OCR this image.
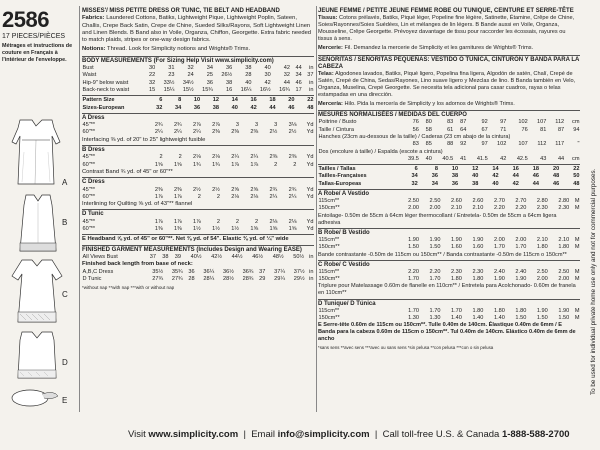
2586
17 PIECES/PIÈCES
Métrages et instructions de couture en Français à l'intérieur de l'enveloppe.
A
B
C
D
E
MISSES'/ MISS PETITE DRESS OR TUNIC, TIE BELT AND HEADBAND
Fabrics: Laundered Cottons, Batiks, Lightweight Pique, Lightweight Poplin, Sateen, Challis, Crepe Back Satin, Crepe de Chine, Sueded Silks/Rayons, Soft Lightweight Linen and Linen Blends. B Band also in Voile, Organza, Chiffon, Georgette. Extra fabric needed to match plaids, stripes or one-way design fabrics.
Notions: Thread. Look for Simplicity notions and Wrights® Trims.
BODY MEASUREMENTS (For Sizing Help Visit www.simplicity.com)
Bust	30	31	32	34	36	38	40	42	44	in
Waist	22	23	24	25	26½	28	30	32	34	37
Hip-9" below waist	32	33½	34½	36	38	40	42	44	46	in
Back-neck to waist	15	15¼	15½	15¾	16	16¼	16½	16¾	17	in
Pattern Size	6	8	10	12	14	16	18	20	22
Sizes-European	32	34	36	38	40	42	44	46	48
A Dress
45"**	2¾	2¾	2⅞	2⅞	3	3	3	3⅛	Yd
60"**	2¼	2¼	2¼	2⅜	2⅜	2⅜	2½	2½	Yd
Interfacing ⅜ yd. of 20" to 25" lightweight fusible
B Dress
45"**	2	2	2⅛	2⅛	2¼	2¼	2⅜	2⅜	Yd
60"**	1⅝	1⅝	1¾	1¾	1⅞	1⅞	2	2	Yd
Contrast Band ¾ yd. of 45" or 60"**
C Dress
45"**	2⅜	2⅜	2½	2½	2⅝	2⅝	2¾	2¾	Yd
60"**	1⅞	1⅞	2	2	2⅛	2⅛	2¼	2¼	Yd
Interlining for Quilting ⅝ yd. of 43"** flannel
D Tunic
45"**	1⅞	1⅞	1⅞	2	2	2	2⅛	2⅛	Yd
60"**	1⅜	1⅜	1½	1½	1½	1⅝	1⅝	1⅝	Yd
E Headband ⅝ yd. of 45" or 60"**. Net ⅜ yd. of 54". Elastic ⅜ yd. of ¼" wide
FINISHED GARMENT MEASUREMENTS (Includes Design and Wearing EASE)
All Views Bust	37	38	39	40½	42½	44½	46½	48½	50½	in
Finished back length from base of neck:
A,B,C Dress	35½	35¾	36	36¼	36½	36¾	37	37¼	37½	in
D Tunic	27¾	27¾	28	28¼	28½	28¾	29	29¼	29½	in
*without nap **with nap ***with or without nap
JEUNE FEMME / PETITE JEUNE FEMME ROBE OU TUNIQUE, CEINTURE ET SERRE-TÊTE
Tissus: Cotons prélavés, Batiks, Piqué léger, Popeline fine légère, Satinette, Étamine, Crêpe de Chine, Soies/Rayonnes/Soies Suédées, Lin et mélanges de lin légers. B Bande aussi en Voile, Organza, Mousseline, Crêpe Georgette. Prévoyez davantage de tissu pour raccorder les écossais, rayures ou tissus à sens.
Mercerie: Fil. Demandez la mercerie de Simplicity et les garnitures de Wrights® Trims.
SEÑORITAS / SEÑORITAS PEQUEÑAS: VESTIDO O TÚNICA, CINTURÓN Y BANDA PARA LA CABEZA
Telas: Algodones lavados, Batiks, Piqué ligero, Popelina fina ligera, Algodón de satén, Chalí, Crepé de Satén, Crepé de China, Sedas/Rayones, Lino suave ligero y Mezclas de lino. B Banda también en Velo, Organza, Muselina, Crepé Georgette. Se necesita tela adicional para casar cuadros, rayas o telas estampadas en una dirección.
Mercería: Hilo. Pida la mercería de Simplicity y los adornos de Wrights® Trims.
MESURES NORMALISÉES / MEDIDAS DEL CUERPO
Poitrine / Busto	76	80	83	87	92	97	102	107	112	cm
Taille / Cintura	56	58	61	64	67	71	76	81	87	94
Hanches (23cm au-dessous de la taille) / Caderas (23 cm abajo de la cintura)										
	83	85	88	92	97	102	107	112	117	"
Dos (encolure à taille) / Espalda (escote a cintura)										
	39.5	40	40.5	41	41.5	42	42.5	43	44	cm
Tailles / Tallas	6	8	10	12	14	16	18	20	22
Tailles-Françaises	34	36	38	40	42	44	46	48	50
Tallas-Europeas	32	34	36	38	40	42	44	46	48
A Robe/ A Vestido
115cm**	2.50	2.50	2.60	2.60	2.70	2.70	2.80	2.80	M
150cm**	2.00	2.00	2.10	2.10	2.20	2.20	2.30	2.30	M
Entoilage- 0.50m de 55cm à 64cm léger thermocollant / Entretela- 0.50m de 55cm a 64cm ligera adhesiva
B Robe/ B Vestido
115cm**	1.90	1.90	1.90	1.90	2.00	2.00	2.10	2.10	M
150cm**	1.50	1.50	1.60	1.60	1.70	1.70	1.80	1.80	M
Bande contrastante -0.50m de 115cm ou 150cm** / Banda contrastante -0.50m de 115cm o 150cm**
C Robe/ C Vestido
115cm**	2.20	2.20	2.30	2.30	2.40	2.40	2.50	2.50	M
150cm**	1.70	1.70	1.80	1.80	1.90	1.90	2.00	2.00	M
Triplure pour Matelassage 0.60m de flanelle en 110cm** / Entretela para Acolchonado- 0.60m de franela en 110cm**
D Tunique/ D Túnica
115cm**	1.70	1.70	1.70	1.80	1.80	1.80	1.90	1.90	M
150cm**	1.30	1.30	1.40	1.40	1.40	1.50	1.50	1.50	M
E Serre-tête 0.60m de 115cm ou 150cm**. Tulle 0.40m de 140cm. Élastique 0.40m de 6mm / E Banda para la cabeza 0.60m de 115cm o 150cm**. Tul 0.40m de 140cm. Elástico 0.40m de 6mm de ancho
*sans sens **avec sens ***avec ou sans sens *sin pelusa **con pelusa ***con o sin pelusa	To be used for individual private home use only and not for commercial purposes.
Visit www.simplicity.com  |  Email info@simplicity.com  |  Call toll-free U.S. & Canada 1-888-588-2700
